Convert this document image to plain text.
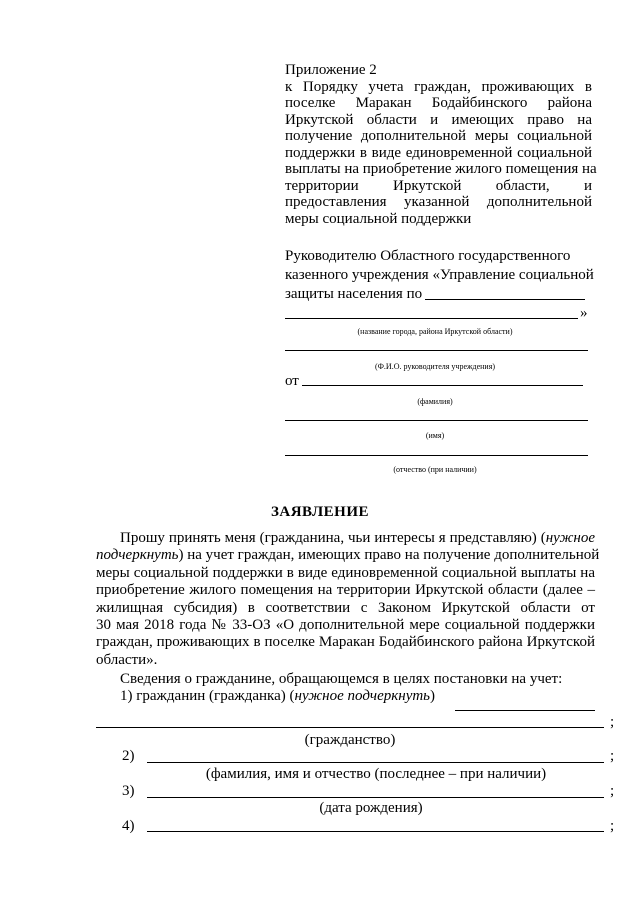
Приложение 2
к Порядку учета граждан, проживающих в
поселке Маракан Бодайбинского района
Иркутской области и имеющих право на
получение дополнительной меры социальной
поддержки в виде единовременной социальной
выплаты на приобретение жилого помещения на
территории Иркутской области, и
предоставления указанной дополнительной
меры социальной поддержки
Руководителю Областного государственного
казенного учреждения «Управление социальной
защиты населения по
»
(название города, района Иркутской области)
(Ф.И.О. руководителя учреждения)
от
(фамилия)
(имя)
(отчество (при наличии)
ЗАЯВЛЕНИЕ
Прошу принять меня (гражданина, чьи интересы я представляю) (нужное
подчеркнуть) на учет граждан, имеющих право на получение дополнительной
меры социальной поддержки в виде единовременной социальной выплаты на
приобретение жилого помещения на территории Иркутской области (далее –
жилищная субсидия) в соответствии с Законом Иркутской области от
30 мая 2018 года № 33-ОЗ «О дополнительной мере социальной поддержки
граждан, проживающих в поселке Маракан Бодайбинского района Иркутской
области».
Сведения о гражданине, обращающемся в целях постановки на учет:
1) гражданин (гражданка) (нужное подчеркнуть)
;
(гражданство)
2)	;
(фамилия, имя и отчество (последнее – при наличии)
3)	;
(дата рождения)
4)	;
